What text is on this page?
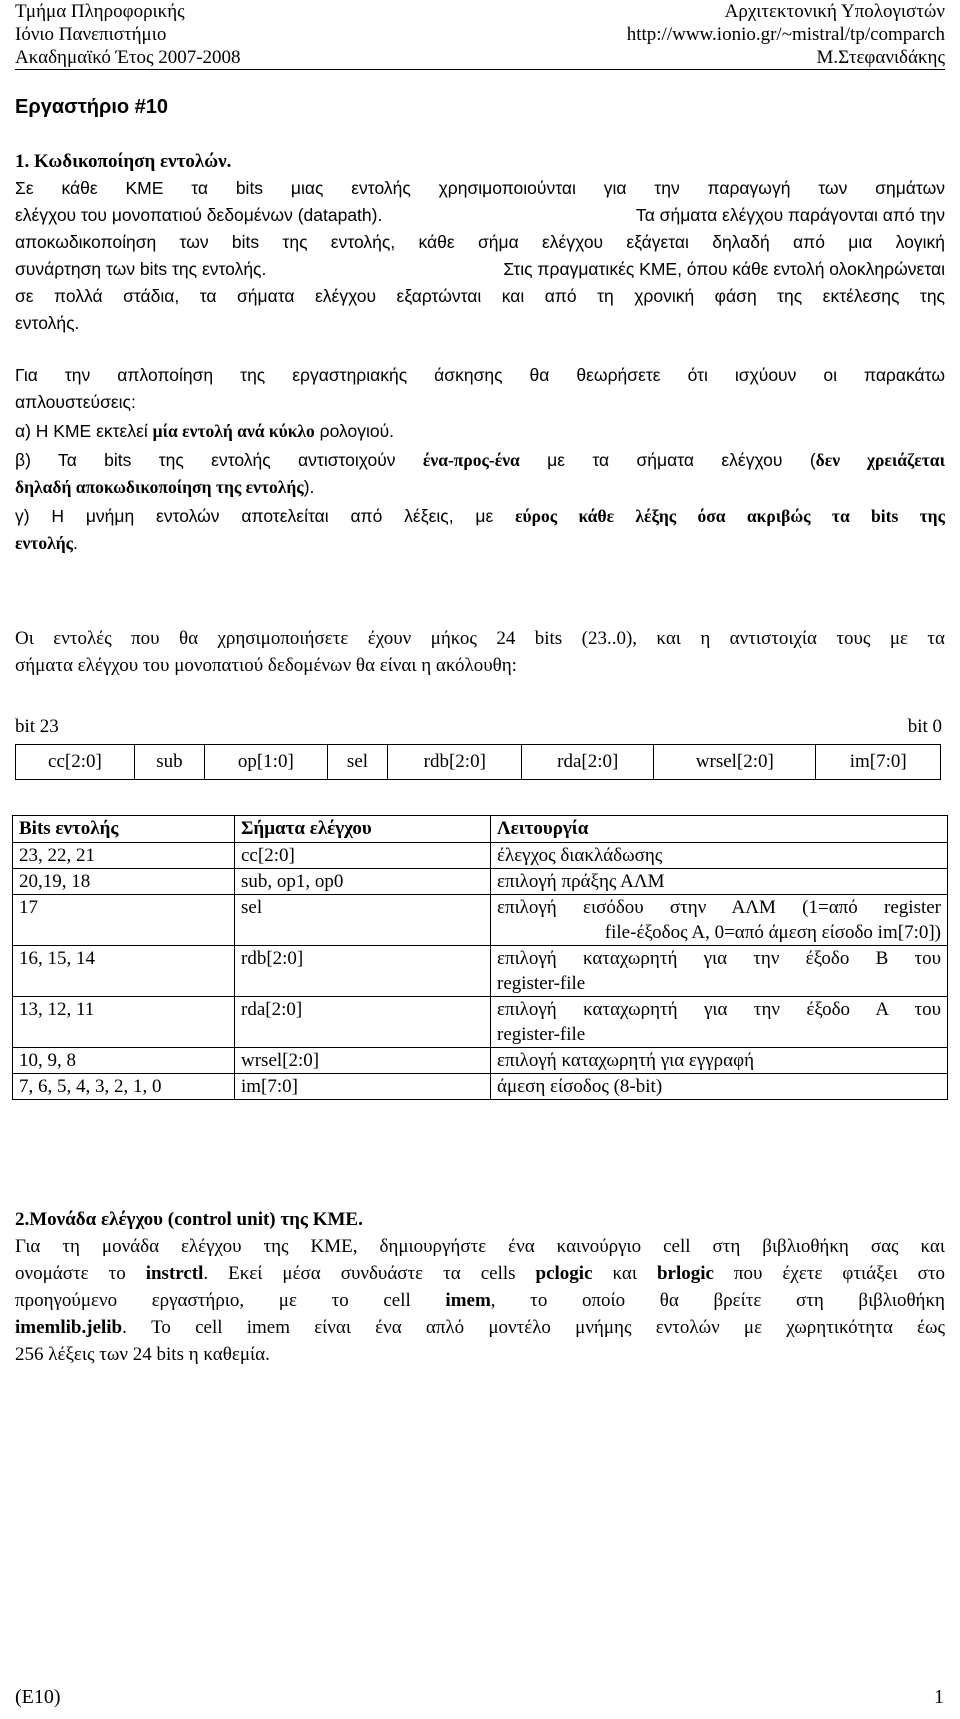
Τμήμα Πληροφορικής	Αρχιτεκτονική Υπολογιστών
Ιόνιο Πανεπιστήμιο	http://www.ionio.gr/~mistral/tp/comparch
Ακαδημαϊκό Έτος 2007-2008	Μ.Στεφανιδάκης
Εργαστήριο #10
1. Κωδικοποίηση εντολών.
Σε κάθε ΚΜΕ τα bits μιας εντολής χρησιμοποιούνται για την παραγωγή των σημάτων
ελέγχου του μονοπατιού δεδομένων (datapath).	Τα σήματα ελέγχου παράγονται από την
αποκωδικοποίηση των bits της εντολής, κάθε σήμα ελέγχου εξάγεται δηλαδή από μια λογική
συνάρτηση των bits της εντολής.	Στις πραγματικές ΚΜΕ, όπου κάθε εντολή ολοκληρώνεται
σε πολλά στάδια, τα σήματα ελέγχου εξαρτώνται και από τη χρονική φάση της εκτέλεσης της
εντολής.
Για την απλοποίηση της εργαστηριακής άσκησης θα θεωρήσετε ότι ισχύουν οι παρακάτω
απλουστεύσεις:
α) Η ΚΜΕ εκτελεί μία εντολή ανά κύκλο ρολογιού.
β) Τα bits της εντολής αντιστοιχούν ένα-προς-ένα με τα σήματα ελέγχου (δεν χρειάζεται
δηλαδή αποκωδικοποίηση της εντολής).
γ) Η μνήμη εντολών αποτελείται από λέξεις, με εύρος κάθε λέξης όσα ακριβώς τα bits της
εντολής.
Οι εντολές που θα χρησιμοποιήσετε έχουν μήκος 24 bits (23..0), και η αντιστοιχία τους με τα
σήματα ελέγχου του μονοπατιού δεδομένων θα είναι η ακόλουθη:
bit 23	bit 0
cc[2:0]	sub	op[1:0]	sel	rdb[2:0]	rda[2:0]	wrsel[2:0]	im[7:0]
Bits εντολής	Σήματα ελέγχου	Λειτουργία
23, 22, 21	cc[2:0]	έλεγχος διακλάδωσης
20,19, 18	sub, op1, op0	επιλογή πράξης ΑΛΜ
17	sel	επιλογή εισόδου στην ΑΛΜ (1=από register
file-έξοδος Α, 0=από άμεση είσοδο im[7:0])

16, 15, 14	rdb[2:0]	επιλογή καταχωρητή για την έξοδο Β του
register-file

13, 12, 11	rda[2:0]	επιλογή καταχωρητή για την έξοδο Α του
register-file

10, 9, 8	wrsel[2:0]	επιλογή καταχωρητή για εγγραφή
7, 6, 5, 4, 3, 2, 1, 0	im[7:0]	άμεση είσοδος (8-bit)
2.Μονάδα ελέγχου (control unit) της ΚΜΕ.
Για τη μονάδα ελέγχου της ΚΜΕ, δημιουργήστε ένα καινούργιο cell στη βιβλιοθήκη σας και
ονομάστε το instrctl. Εκεί μέσα συνδυάστε τα cells pclogic και brlogic που έχετε φτιάξει στο
προηγούμενο εργαστήριο, με το cell imem, το οποίο θα βρείτε στη βιβλιοθήκη
imemlib.jelib. Το cell imem είναι ένα απλό μοντέλο μνήμης εντολών με χωρητικότητα έως
256 λέξεις των 24 bits η καθεμία.
(E10)	1
